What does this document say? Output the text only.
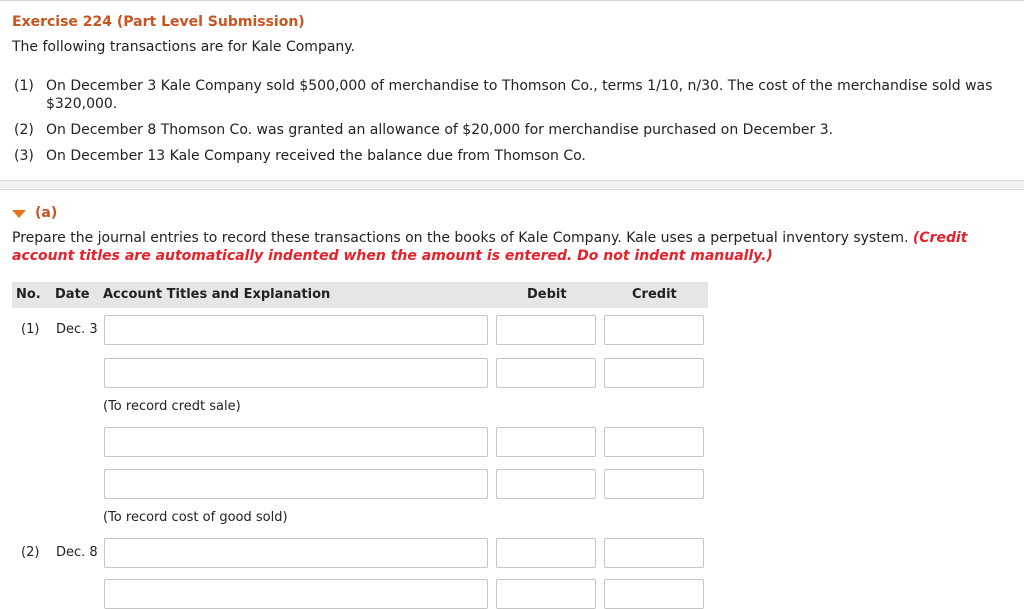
Exercise 224 (Part Level Submission)
The following transactions are for Kale Company.
(1) On December 3 Kale Company sold $500,000 of merchandise to Thomson Co., terms 1/10, n/30. The cost of the merchandise sold was $320,000.
(2) On December 8 Thomson Co. was granted an allowance of $20,000 for merchandise purchased on December 3.
(3) On December 13 Kale Company received the balance due from Thomson Co.
(a)
Prepare the journal entries to record these transactions on the books of Kale Company. Kale uses a perpetual inventory system. (Credit account titles are automatically indented when the amount is entered. Do not indent manually.)
No. Date Account Titles and Explanation	Debit	Credit
(1) Dec. 3
(To record credt sale)
(To record cost of good sold)
(2) Dec. 8
